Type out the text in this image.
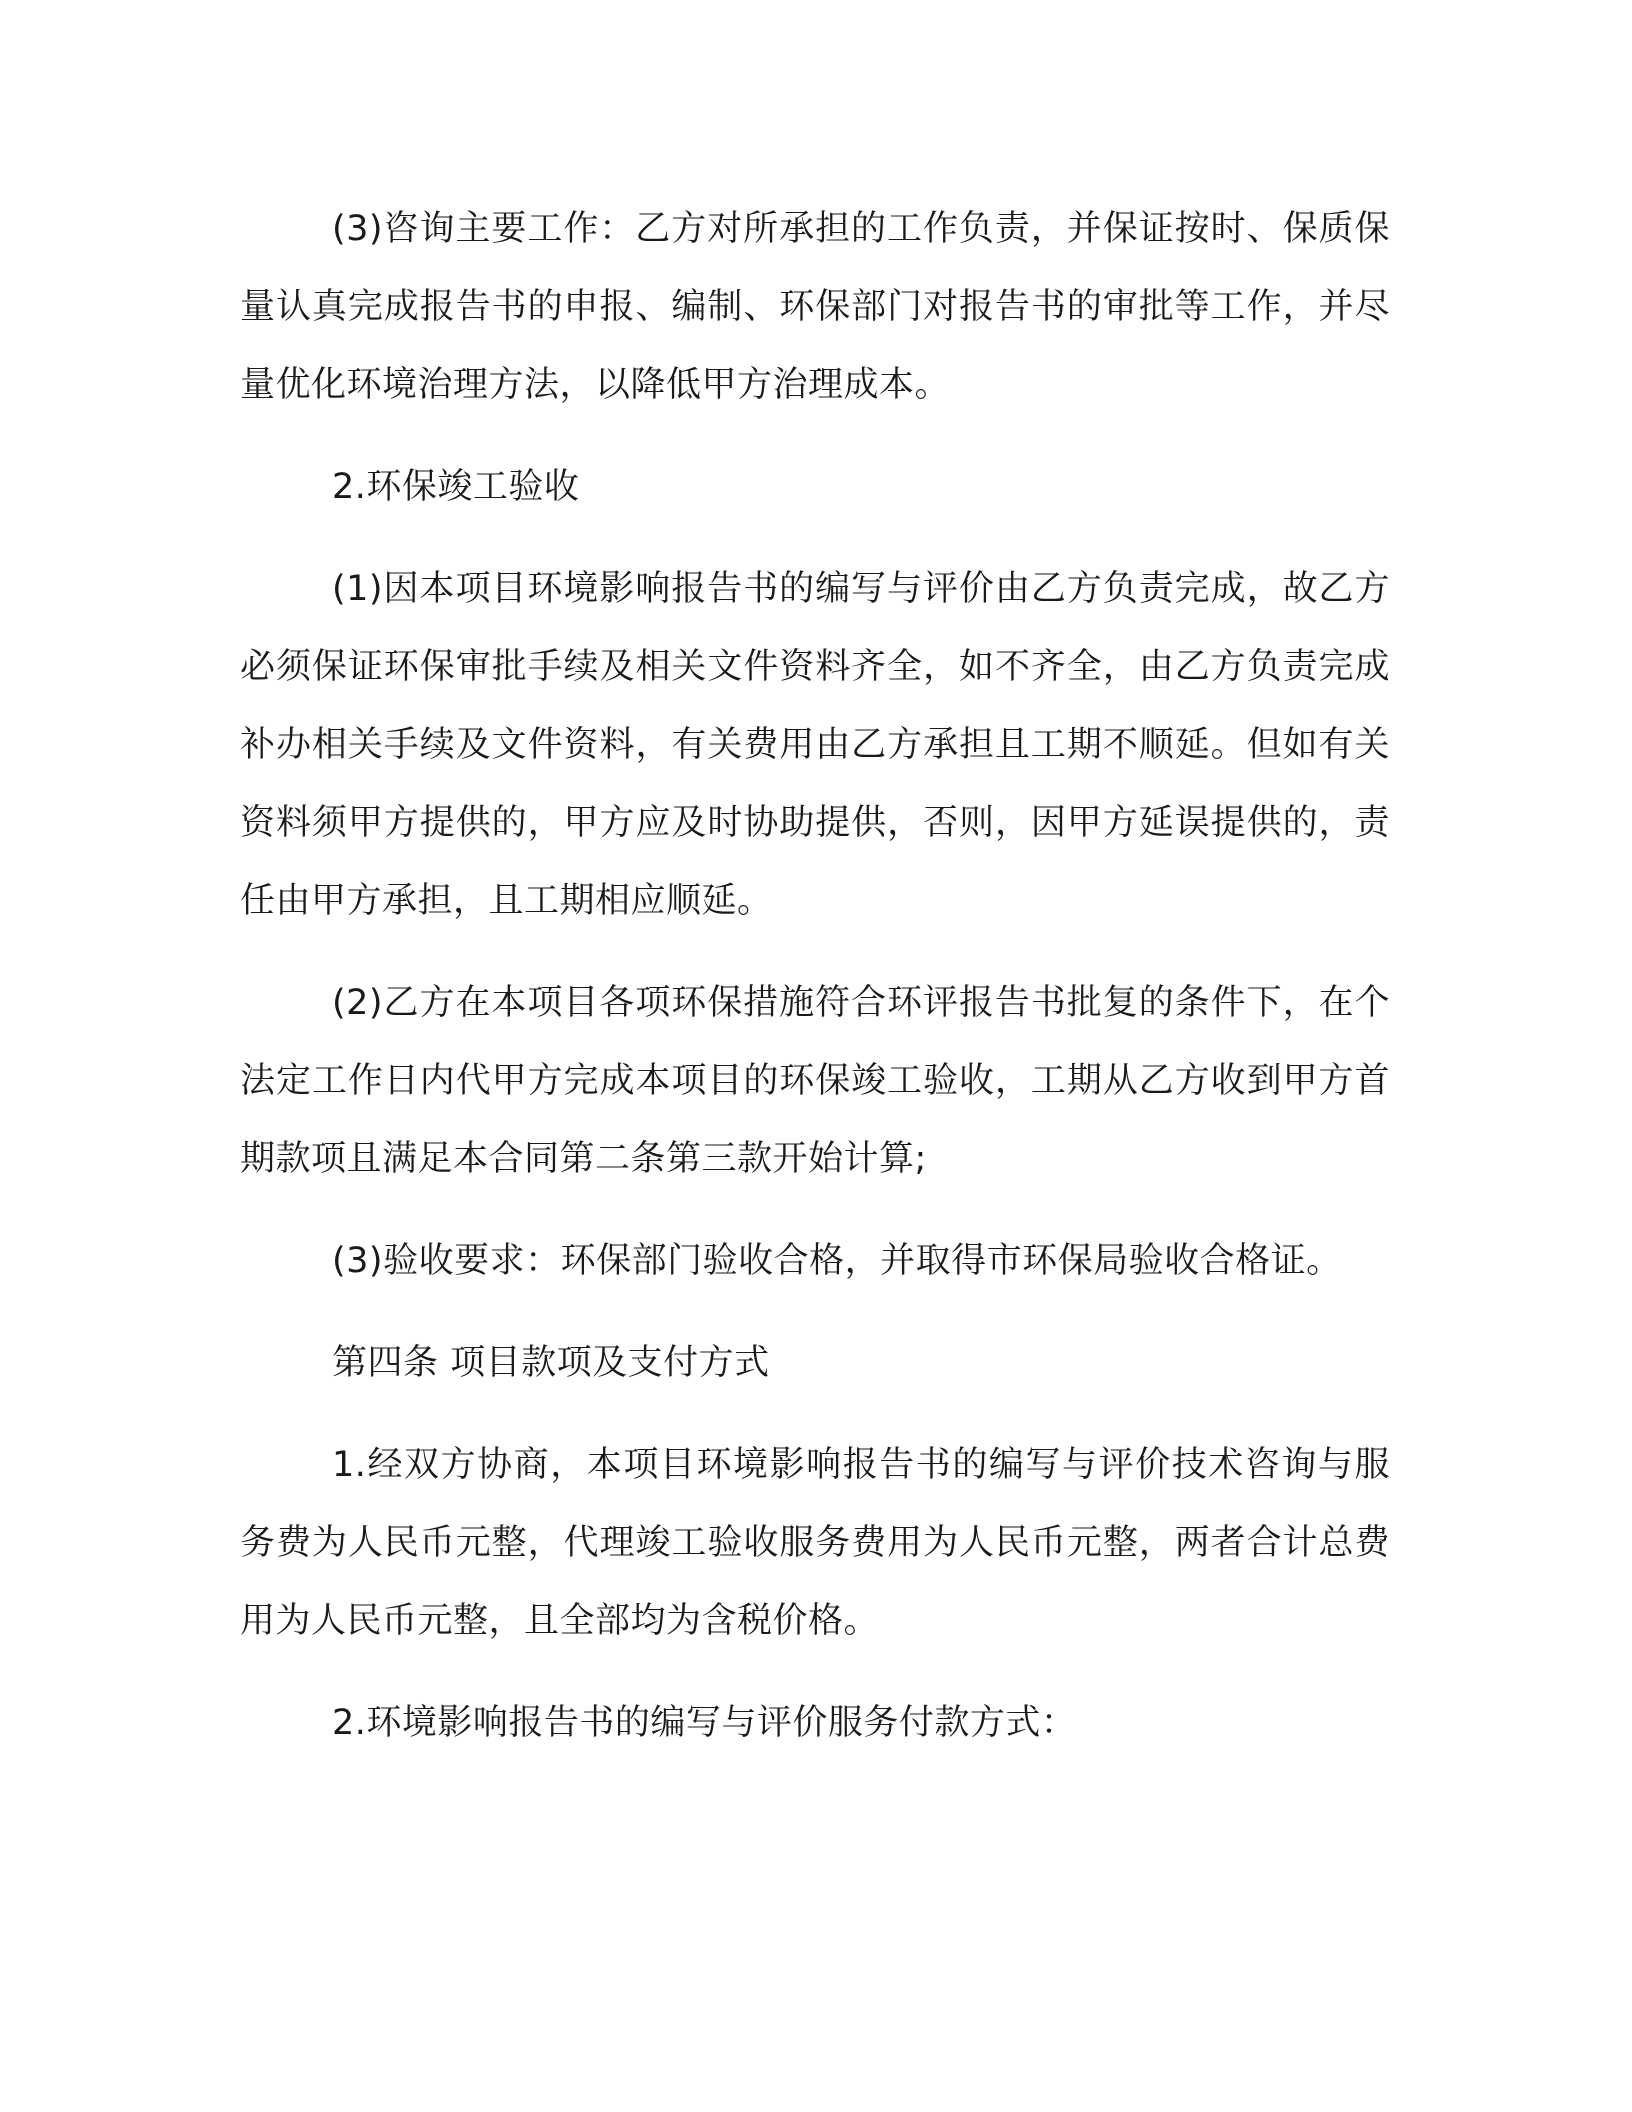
(3)咨询主要工作：乙方对所承担的工作负责，并保证按时、保质保量认真完成报告书的申报、编制、环保部门对报告书的审批等工作，并尽量优化环境治理方法，以降低甲方治理成本。

2.环保竣工验收

(1)因本项目环境影响报告书的编写与评价由乙方负责完成，故乙方必须保证环保审批手续及相关文件资料齐全，如不齐全，由乙方负责完成补办相关手续及文件资料，有关费用由乙方承担且工期不顺延。但如有关资料须甲方提供的，甲方应及时协助提供，否则，因甲方延误提供的，责任由甲方承担，且工期相应顺延。

(2)乙方在本项目各项环保措施符合环评报告书批复的条件下，在个法定工作日内代甲方完成本项目的环保竣工验收，工期从乙方收到甲方首期款项且满足本合同第二条第三款开始计算;

(3)验收要求：环保部门验收合格，并取得市环保局验收合格证。

第四条 项目款项及支付方式

1.经双方协商，本项目环境影响报告书的编写与评价技术咨询与服务费为人民币元整，代理竣工验收服务费用为人民币元整，两者合计总费用为人民币元整，且全部均为含税价格。

2.环境影响报告书的编写与评价服务付款方式：
